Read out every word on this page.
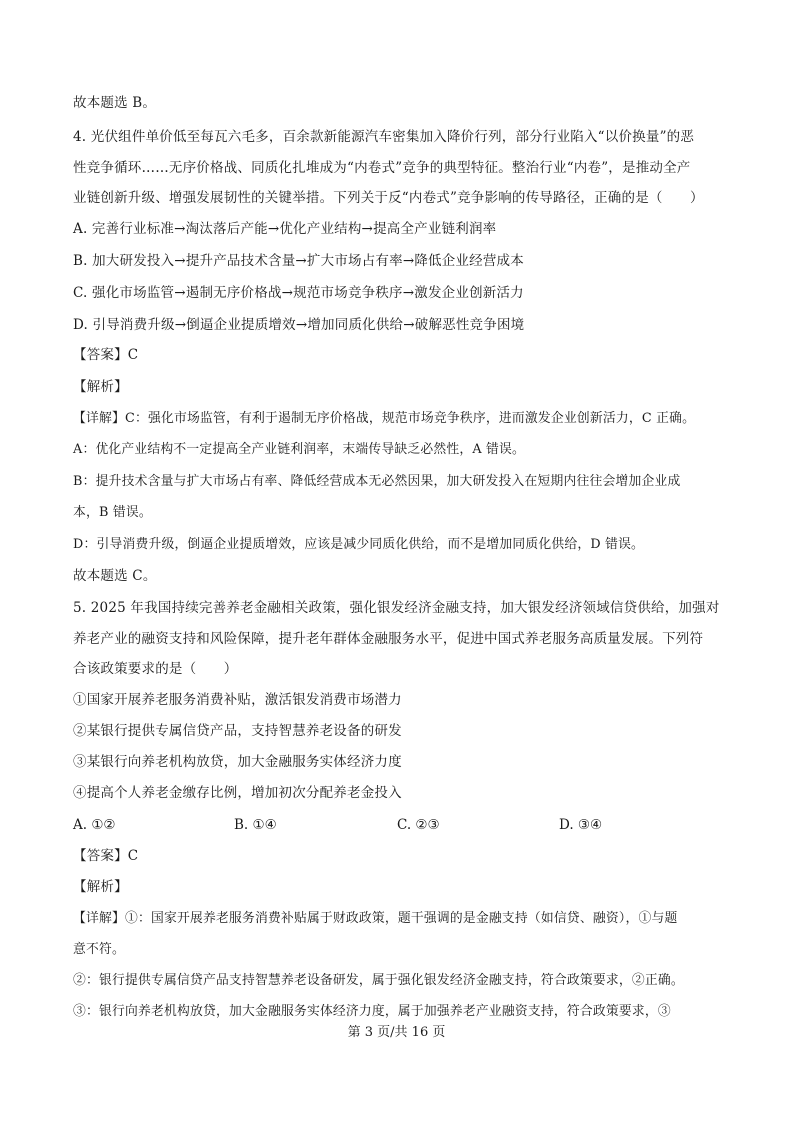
故本题选 B。
4. 光伏组件单价低至每瓦六毛多，百余款新能源汽车密集加入降价行列，部分行业陷入“以价换量”的恶
性竞争循环……无序价格战、同质化扎堆成为“内卷式”竞争的典型特征。整治行业“内卷”，是推动全产
业链创新升级、增强发展韧性的关键举措。下列关于反“内卷式”竞争影响的传导路径，正确的是（　　）
A. 完善行业标准→淘汰落后产能→优化产业结构→提高全产业链利润率
B. 加大研发投入→提升产品技术含量→扩大市场占有率→降低企业经营成本
C. 强化市场监管→遏制无序价格战→规范市场竞争秩序→激发企业创新活力
D. 引导消费升级→倒逼企业提质增效→增加同质化供给→破解恶性竞争困境
【答案】C
【解析】
【详解】C：强化市场监管，有利于遏制无序价格战，规范市场竞争秩序，进而激发企业创新活力，C 正确。
A：优化产业结构不一定提高全产业链利润率，末端传导缺乏必然性，A 错误。
B：提升技术含量与扩大市场占有率、降低经营成本无必然因果，加大研发投入在短期内往往会增加企业成
本，B 错误。
D：引导消费升级，倒逼企业提质增效，应该是减少同质化供给，而不是增加同质化供给，D 错误。
故本题选 C。
5. 2025 年我国持续完善养老金融相关政策，强化银发经济金融支持，加大银发经济领域信贷供给，加强对
养老产业的融资支持和风险保障，提升老年群体金融服务水平，促进中国式养老服务高质量发展。下列符
合该政策要求的是（　　）
①国家开展养老服务消费补贴，激活银发消费市场潜力
②某银行提供专属信贷产品，支持智慧养老设备的研发
③某银行向养老机构放贷，加大金融服务实体经济力度
④提高个人养老金缴存比例，增加初次分配养老金投入
A. ①②	B. ①④	C. ②③	D. ③④
【答案】C
【解析】
【详解】①：国家开展养老服务消费补贴属于财政政策，题干强调的是金融支持（如信贷、融资），①与题
意不符。
②：银行提供专属信贷产品支持智慧养老设备研发，属于强化银发经济金融支持，符合政策要求，②正确。
③：银行向养老机构放贷，加大金融服务实体经济力度，属于加强养老产业融资支持，符合政策要求，③
第 3 页/共 16 页
